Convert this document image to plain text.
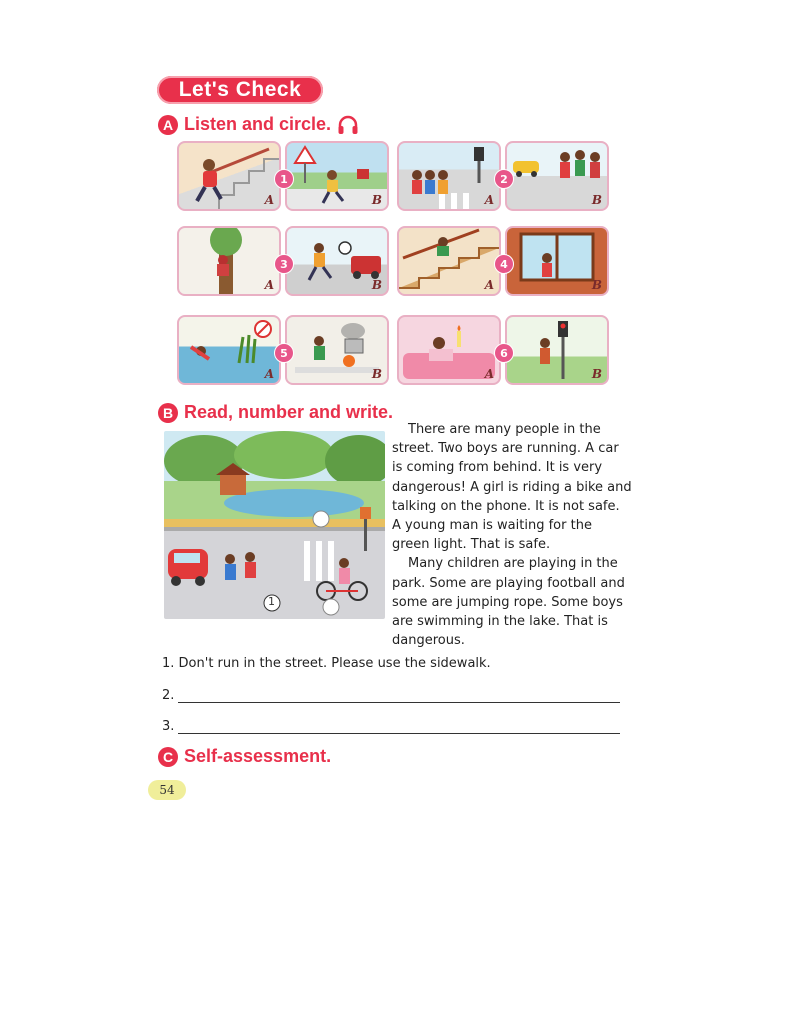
Let's Check
A Listen and circle.
A
1
B	A
2
B
A
3
B	A
4
B
A
5
B	A
6
B
B Read, number and write.
1

There are many people in the street. Two boys are running. A car is coming from behind. It is very dangerous! A girl is riding a bike and talking on the phone. It is not safe. A young man is waiting for the green light. That is safe.

Many children are playing in the park. Some are playing football and some are jumping rope. Some boys are swimming in the lake. That is dangerous.

1. Don't run in the street. Please use the sidewalk.
2.
3.
C Self-assessment.
54
